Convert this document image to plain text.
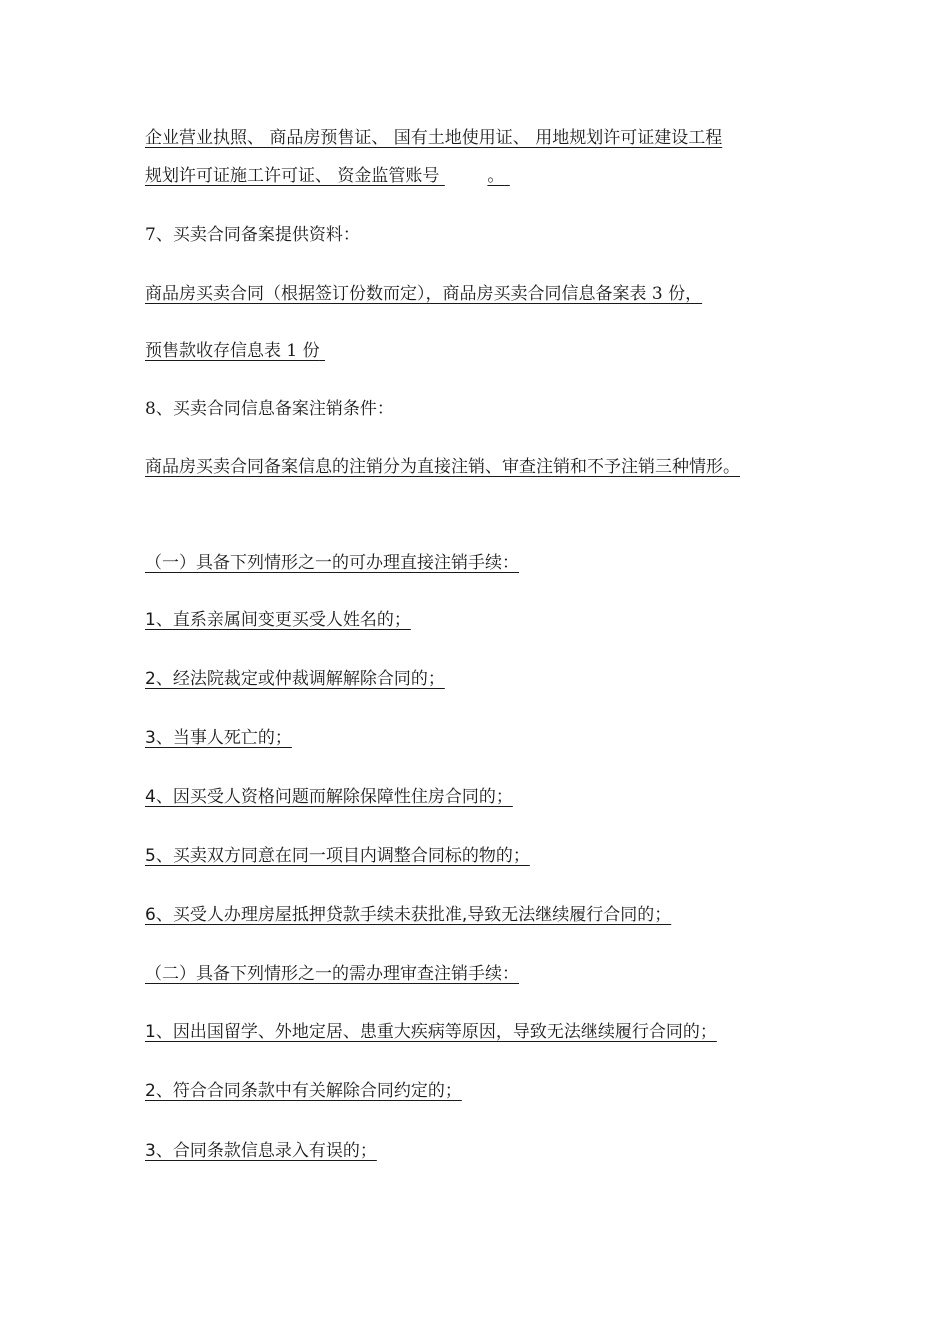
企业营业执照、 商品房预售证、 国有土地使用证、 用地规划许可证建设工程
规划许可证施工许可证、 资金监管账号	。
7、买卖合同备案提供资料：
商品房买卖合同（根据签订份数而定），商品房买卖合同信息备案表 3 份，
预售款收存信息表 1 份
8、买卖合同信息备案注销条件：
商品房买卖合同备案信息的注销分为直接注销、审查注销和不予注销三种情形。
（一）具备下列情形之一的可办理直接注销手续：
1、直系亲属间变更买受人姓名的；
2、经法院裁定或仲裁调解解除合同的；
3、当事人死亡的；
4、因买受人资格问题而解除保障性住房合同的；
5、买卖双方同意在同一项目内调整合同标的物的；
6、买受人办理房屋抵押贷款手续未获批准,导致无法继续履行合同的；
（二）具备下列情形之一的需办理审查注销手续：
1、因出国留学、外地定居、患重大疾病等原因，导致无法继续履行合同的；
2、符合合同条款中有关解除合同约定的；
3、合同条款信息录入有误的；
